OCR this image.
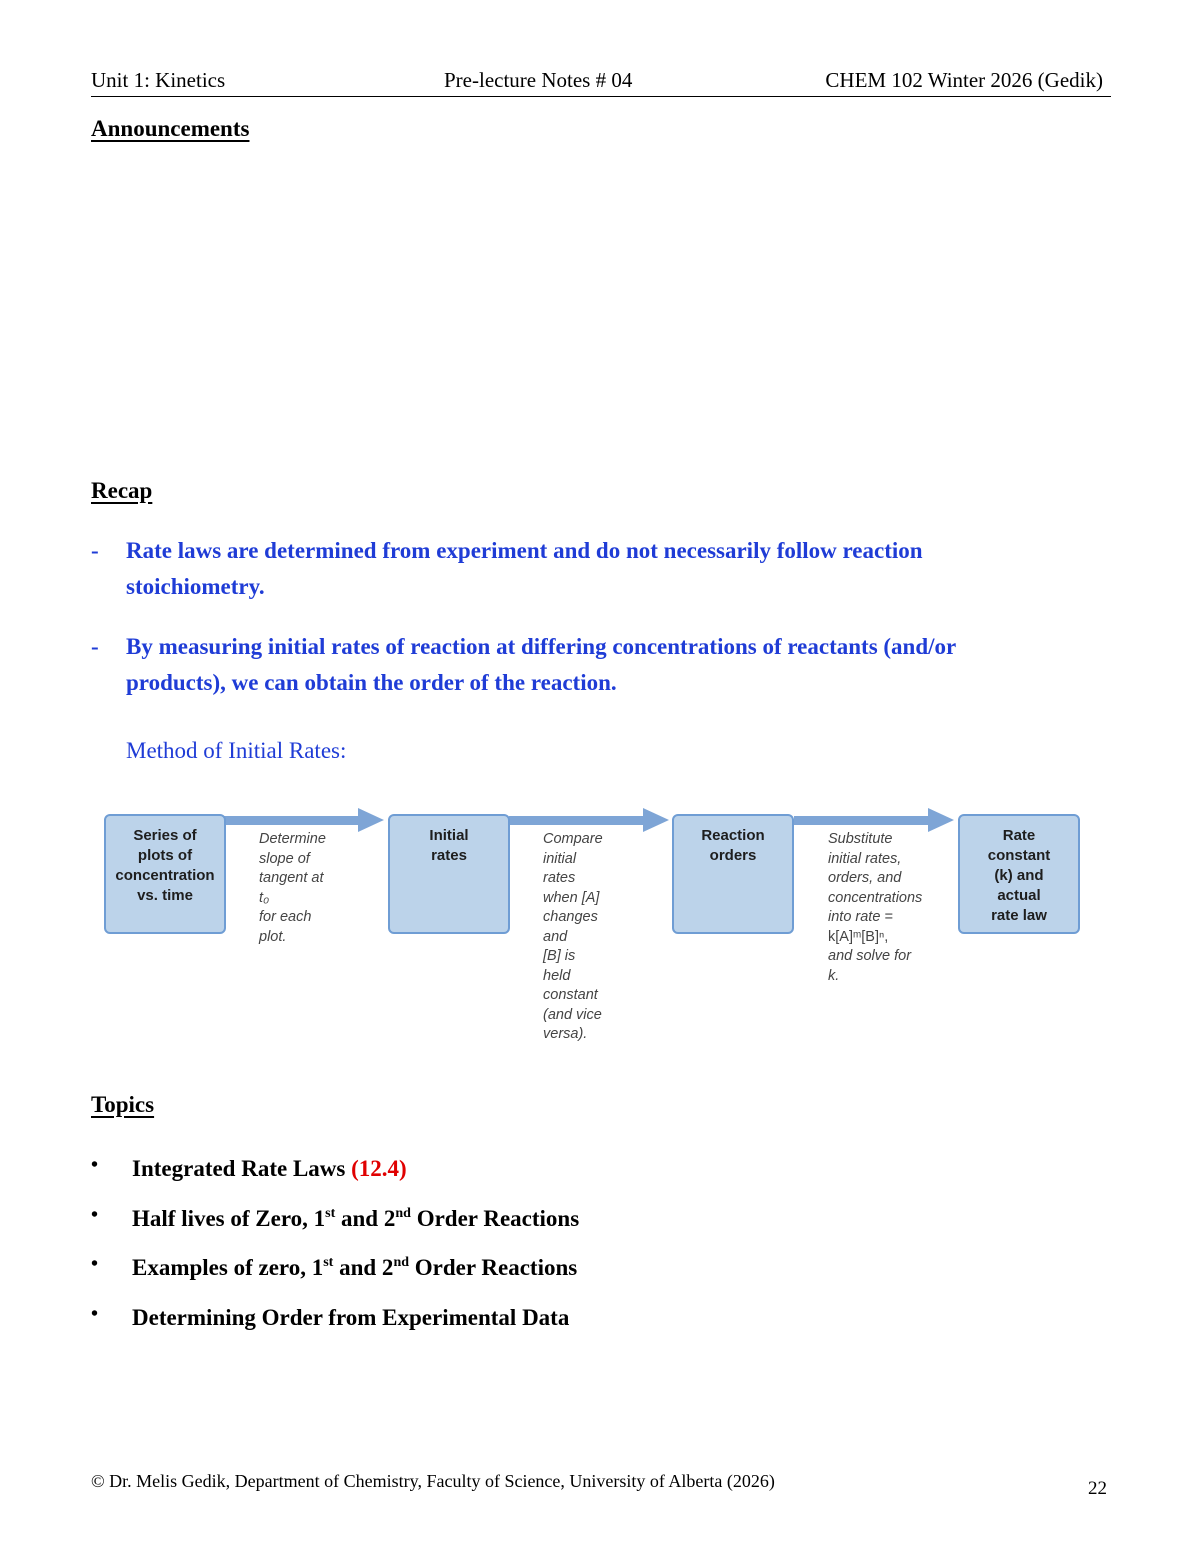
Unit 1: Kinetics	Pre-lecture Notes # 04	CHEM 102 Winter 2026 (Gedik)
Announcements
Recap
- Rate laws are determined from experiment and do not necessarily follow reaction
stoichiometry.
- By measuring initial rates of reaction at differing concentrations of reactants (and/or
products), we can obtain the order of the reaction.
Method of Initial Rates:
Series of
plots of
concentration
vs. time
Initial
rates
Reaction
orders
Rate
constant
(k) and
actual
rate law
Determine
slope of
tangent at t₀
for each plot.
Compare
initial rates
when [A]
changes and
[B] is held
constant
(and vice
versa).
Substitute
initial rates,
orders, and
concentrations
into rate =
k[A]ᵐ[B]ⁿ,
and solve for k.
Topics
• Integrated Rate Laws (12.4)
• Half lives of Zero, 1st and 2nd Order Reactions
• Examples of zero, 1st and 2nd Order Reactions
• Determining Order from Experimental Data
© Dr. Melis Gedik, Department of Chemistry, Faculty of Science, University of Alberta (2026)	22
